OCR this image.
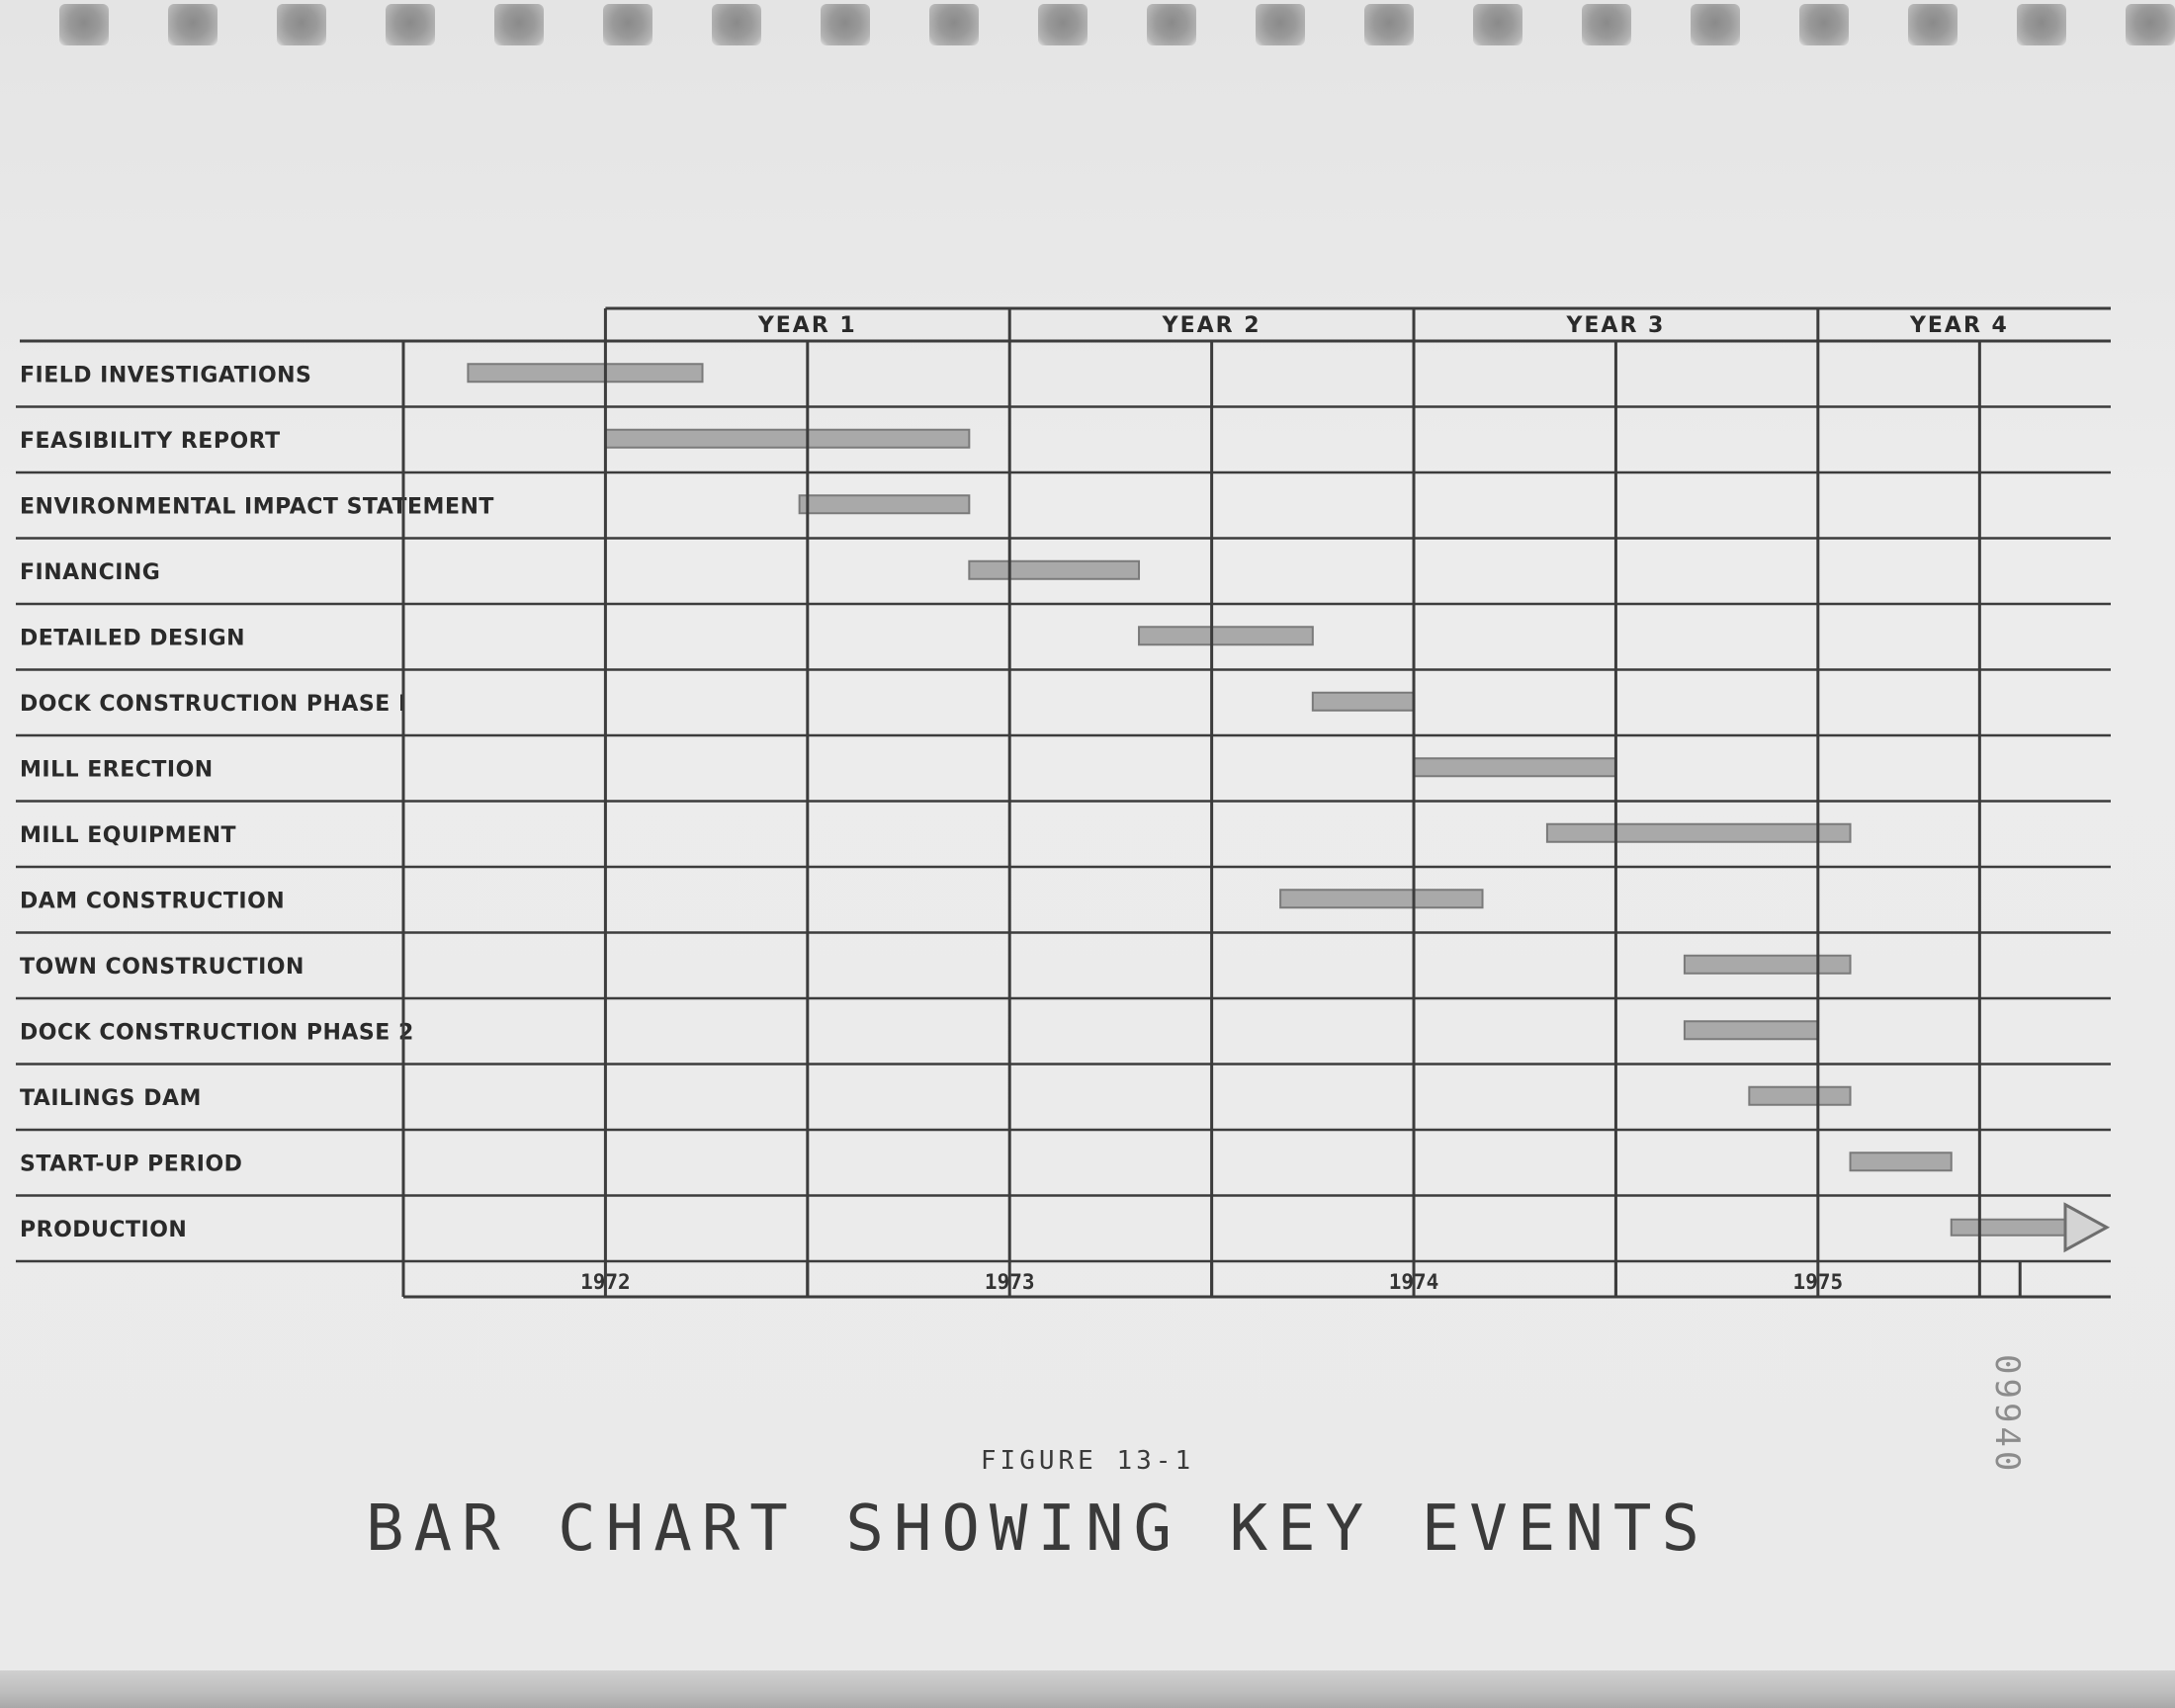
YEAR 1	YEAR 2	YEAR 3	YEAR 4
FIELD INVESTIGATIONS
FEASIBILITY REPORT
ENVIRONMENTAL IMPACT STATEMENT
FINANCING
DETAILED DESIGN
DOCK CONSTRUCTION PHASE I
MILL ERECTION
MILL EQUIPMENT
DAM CONSTRUCTION
TOWN CONSTRUCTION
DOCK CONSTRUCTION PHASE 2
TAILINGS DAM
START-UP PERIOD
PRODUCTION
1972	1973	1974	1975
FIGURE 13-1
BAR CHART SHOWING KEY EVENTS
09940
